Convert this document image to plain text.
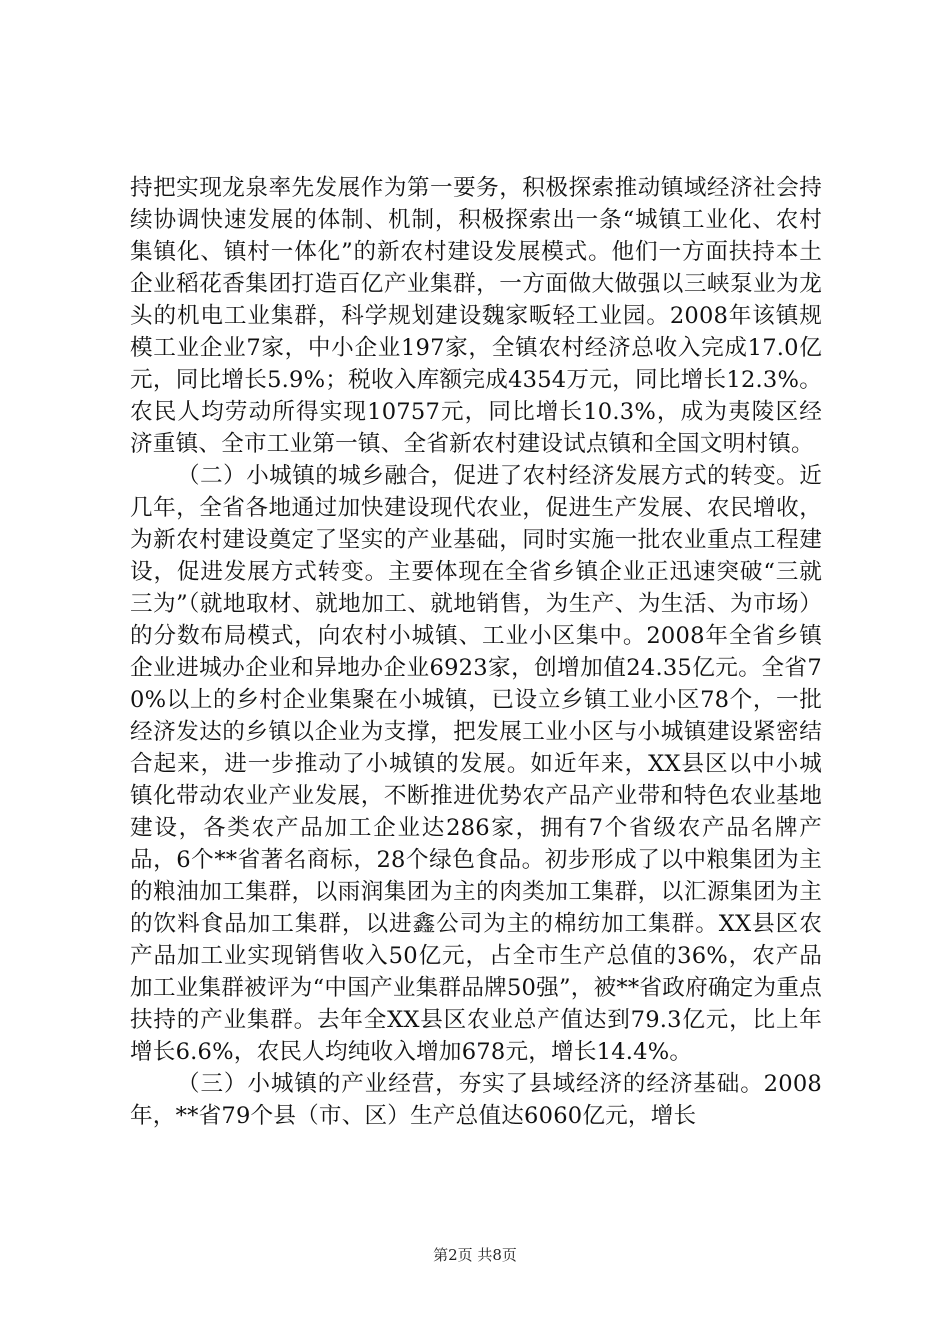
持把实现龙泉率先发展作为第一要务，积极探索推动镇域经济社会持续协调快速发展的体制、机制，积极探索出一条“城镇工业化、农村集镇化、镇村一体化”的新农村建设发展模式。他们一方面扶持本土企业稻花香集团打造百亿产业集群，一方面做大做强以三峡泵业为龙头的机电工业集群，科学规划建设魏家畈轻工业园。2008年该镇规模工业企业7家，中小企业197家，全镇农村经济总收入完成17.0亿元，同比增长5.9%；税收入库额完成4354万元，同比增长12.3%。农民人均劳动所得实现10757元，同比增长10.3%，成为夷陵区经济重镇、全市工业第一镇、全省新农村建设试点镇和全国文明村镇。

（二）小城镇的城乡融合，促进了农村经济发展方式的转变。近几年，全省各地通过加快建设现代农业，促进生产发展、农民增收，为新农村建设奠定了坚实的产业基础，同时实施一批农业重点工程建设，促进发展方式转变。主要体现在全省乡镇企业正迅速突破“三就三为”（就地取材、就地加工、就地销售，为生产、为生活、为市场）的分数布局模式，向农村小城镇、工业小区集中。2008年全省乡镇企业进城办企业和异地办企业6923家，创增加值24.35亿元。全省70%以上的乡村企业集聚在小城镇，已设立乡镇工业小区78个，一批经济发达的乡镇以企业为支撑，把发展工业小区与小城镇建设紧密结合起来，进一步推动了小城镇的发展。如近年来，XX县区以中小城镇化带动农业产业发展，不断推进优势农产品产业带和特色农业基地建设，各类农产品加工企业达286家，拥有7个省级农产品名牌产品，6个**省著名商标，28个绿色食品。初步形成了以中粮集团为主的粮油加工集群，以雨润集团为主的肉类加工集群，以汇源集团为主的饮料食品加工集群，以进鑫公司为主的棉纺加工集群。XX县区农产品加工业实现销售收入50亿元，占全市生产总值的36%，农产品加工业集群被评为“中国产业集群品牌50强”，被**省政府确定为重点扶持的产业集群。去年全XX县区农业总产值达到79.3亿元，比上年增长6.6%，农民人均纯收入增加678元，增长14.4%。

（三）小城镇的产业经营，夯实了县域经济的经济基础。2008年，**省79个县（市、区）生产总值达6060亿元，增长

第2页 共8页
